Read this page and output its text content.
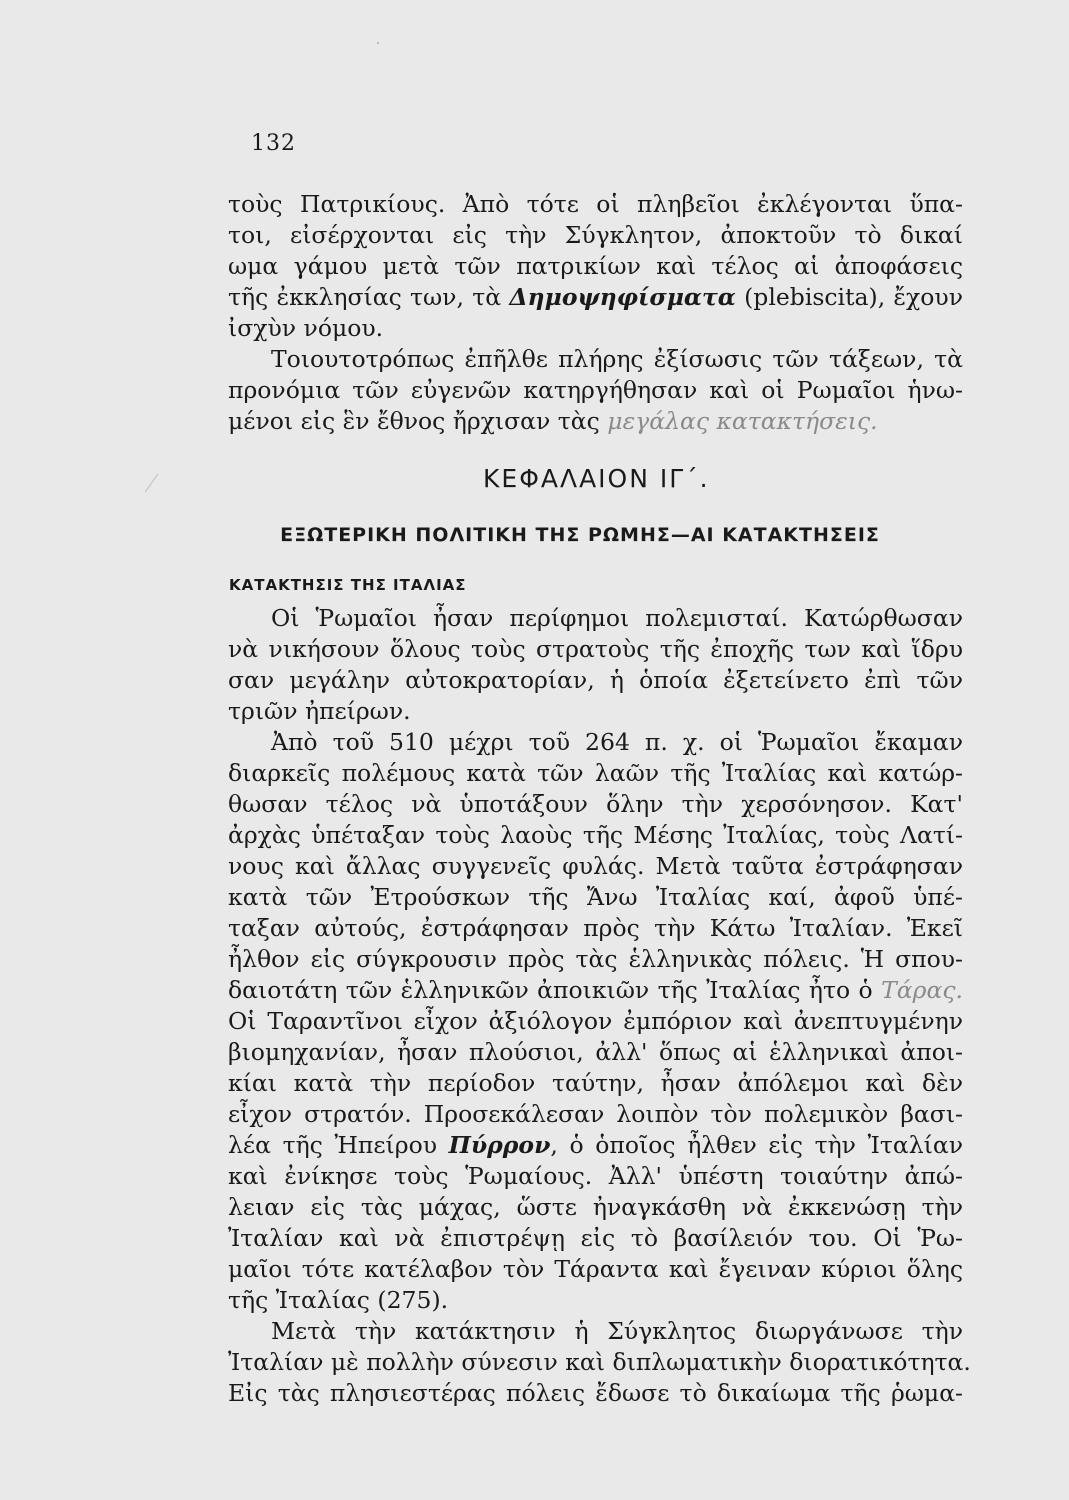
132
τοὺς Πατρικίους. Ἀπὸ τότε οἱ πληβεῖοι ἐκλέγονται ὕπα-
τοι, εἰσέρχονται εἰς τὴν Σύγκλητον, ἀποκτοῦν τὸ δικαί
ωμα γάμου μετὰ τῶν πατρικίων καὶ τέλος αἱ ἀποφάσεις
τῆς ἐκκλησίας των, τὰ Δημοψηφίσματα (plebiscita), ἔχουν
ἰσχὺν νόμου.
Τοιουτοτρόπως ἐπῆλθε πλήρης ἐξίσωσις τῶν τάξεων, τὰ
προνόμια τῶν εὐγενῶν κατηργήθησαν καὶ οἱ Ρωμαῖοι ἡνω-
μένοι εἰς ἓν ἔθνος ἤρχισαν τὰς μεγάλας κατακτήσεις.
ΚΕΦΑΛΑΙΟΝ ΙΓ΄.
ΕΞΩΤΕΡΙΚΗ ΠΟΛΙΤΙΚΗ ΤΗΣ ΡΩΜΗΣ—ΑΙ ΚΑΤΑΚΤΗΣΕΙΣ
ΚΑΤΑΚΤΗΣΙΣ ΤΗΣ ΙΤΑΛΙΑΣ
Οἱ Ῥωμαῖοι ἦσαν περίφημοι πολεμισταί. Κατώρθωσαν
νὰ νικήσουν ὅλους τοὺς στρατοὺς τῆς ἐποχῆς των καὶ ἵδρυ
σαν μεγάλην αὐτοκρατορίαν, ἡ ὁποία ἐξετείνετο ἐπὶ τῶν
τριῶν ἠπείρων.
Ἀπὸ τοῦ 510 μέχρι τοῦ 264 π. χ. οἱ Ῥωμαῖοι ἔκαμαν
διαρκεῖς πολέμους κατὰ τῶν λαῶν τῆς Ἰταλίας καὶ κατώρ-
θωσαν τέλος νὰ ὑποτάξουν ὅλην τὴν χερσόνησον. Κατ'
ἀρχὰς ὑπέταξαν τοὺς λαοὺς τῆς Μέσης Ἰταλίας, τοὺς Λατί-
νους καὶ ἄλλας συγγενεῖς φυλάς. Μετὰ ταῦτα ἐστράφησαν
κατὰ τῶν Ἐτρούσκων τῆς Ἄνω Ἰταλίας καί, ἀφοῦ ὑπέ-
ταξαν αὐτούς, ἐστράφησαν πρὸς τὴν Κάτω Ἰταλίαν. Ἐκεῖ
ἦλθον εἰς σύγκρουσιν πρὸς τὰς ἑλληνικὰς πόλεις. Ἡ σπου-
δαιοτάτη τῶν ἑλληνικῶν ἀποικιῶν τῆς Ἰταλίας ἦτο ὁ Τάρας.
Οἱ Ταραντῖνοι εἶχον ἀξιόλογον ἐμπόριον καὶ ἀνεπτυγμένην
βιομηχανίαν, ἦσαν πλούσιοι, ἀλλ' ὅπως αἱ ἑλληνικαὶ ἀποι-
κίαι κατὰ τὴν περίοδον ταύτην, ἦσαν ἀπόλεμοι καὶ δὲν
εἶχον στρατόν. Προσεκάλεσαν λοιπὸν τὸν πολεμικὸν βασι-
λέα τῆς Ἠπείρου Πύρρον, ὁ ὁποῖος ἦλθεν εἰς τὴν Ἰταλίαν
καὶ ἐνίκησε τοὺς Ῥωμαίους. Ἀλλ' ὑπέστη τοιαύτην ἀπώ-
λειαν εἰς τὰς μάχας, ὥστε ἠναγκάσθη νὰ ἐκκενώσῃ τὴν
Ἰταλίαν καὶ νὰ ἐπιστρέψῃ εἰς τὸ βασίλειόν του. Οἱ Ῥω-
μαῖοι τότε κατέλαβον τὸν Τάραντα καὶ ἔγειναν κύριοι ὅλης
τῆς Ἰταλίας (275).
Μετὰ τὴν κατάκτησιν ἡ Σύγκλητος διωργάνωσε τὴν
Ἰταλίαν μὲ πολλὴν σύνεσιν καὶ διπλωματικὴν διορατικότητα.
Εἰς τὰς πλησιεστέρας πόλεις ἔδωσε τὸ δικαίωμα τῆς ῥωμα-
